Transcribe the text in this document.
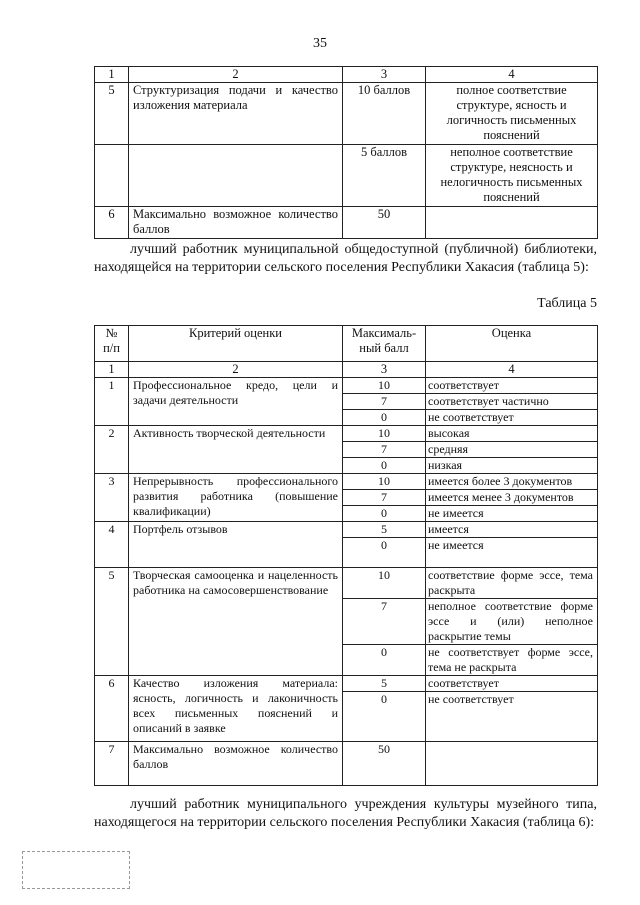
35
1	2	3	4
5	Структуризация подачи и качество изложения материала	10 баллов	полное соответствие структуре, ясность и логичность письменных пояснений
		5 баллов	неполное соответствие структуре, неясность и нелогичность письменных пояснений
6	Максимально возможное количество баллов	50	
лучший работник муниципальной общедоступной (публичной) библиотеки, находящейся на территории сельского поселения Республики Хакасия (таблица 5):
Таблица 5
№ п/п	Критерий оценки	Максималь-ный балл	Оценка
1	2	3	4
1	Профессиональное кредо, цели и задачи деятельности	10	соответствует
		7	соответствует частично
		0	не соответствует
2	Активность творческой деятельности	10	высокая
		7	средняя
		0	низкая
3	Непрерывность профессионального развития работника (повышение квалификации)	10	имеется более 3 документов
		7	имеется менее 3 документов
		0	не имеется
4	Портфель отзывов	5	имеется
		0	не имеется
5	Творческая самооценка и нацеленность работника на самосовершенствование	10	соответствие форме эссе, тема раскрыта
		7	неполное соответствие форме эссе и (или) неполное раскрытие темы
		0	не соответствует форме эссе, тема не раскрыта
6	Качество изложения материала: ясность, логичность и лаконичность всех письменных пояснений и описаний в заявке	5	соответствует
		0	не соответствует
7	Максимально возможное количество баллов	50	
лучший работник муниципального учреждения культуры музейного типа, находящегося на территории сельского поселения Республики Хакасия (таблица 6):
